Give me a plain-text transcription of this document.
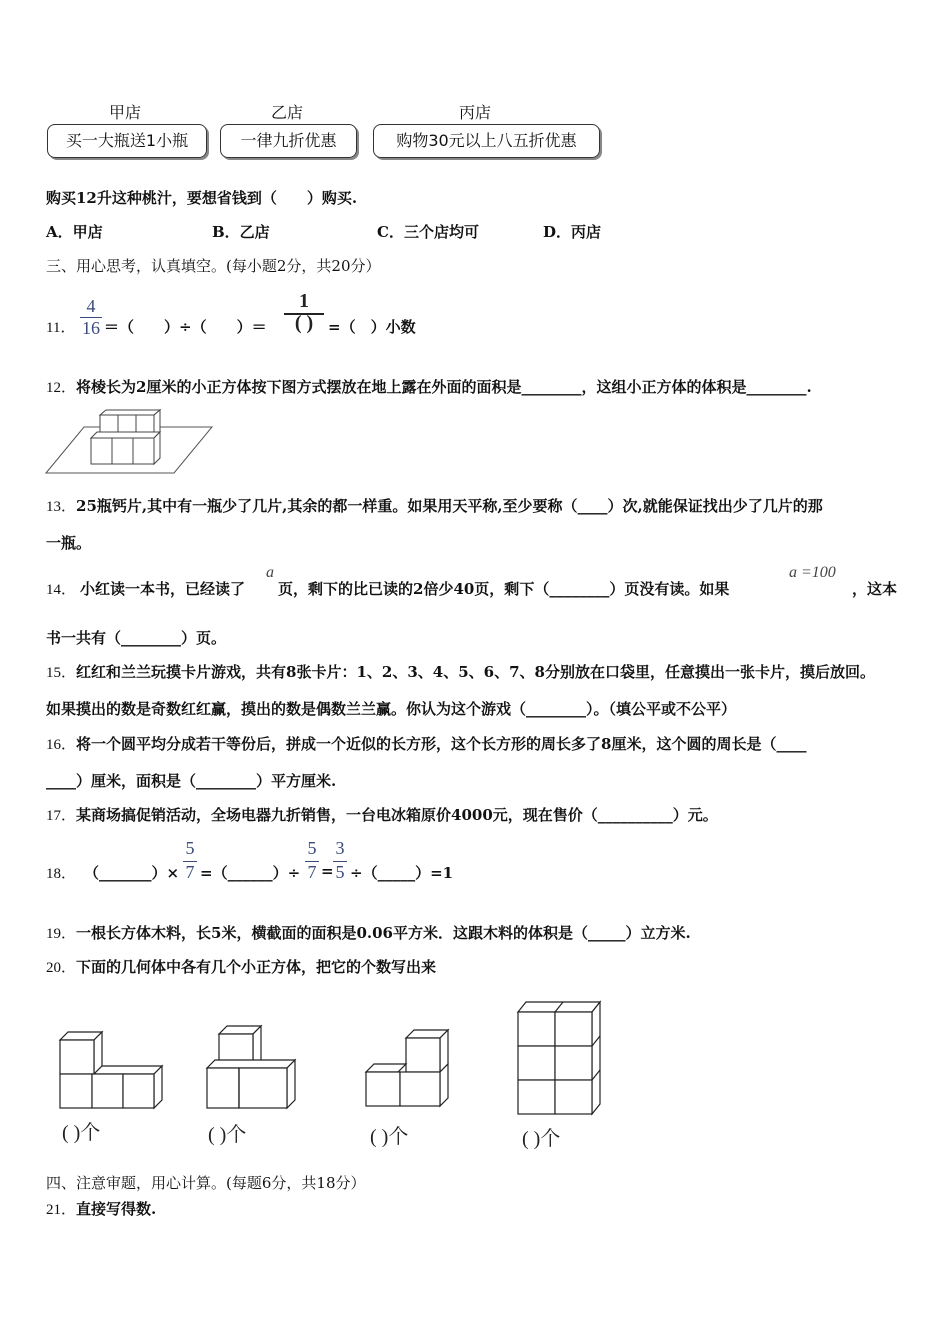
甲店	乙店	丙店
买一大瓶送1小瓶	一律九折优惠	购物30元以上八五折优惠
购买12升这种桃汁，要想省钱到（　　）购买.
A．甲店	B．乙店	C．三个店均可	D．丙店
三、用心思考，认真填空。(每小题2分，共20分）
11．
4
16 ＝（　　）÷（　　）＝
1
( ) =（　）小数
12．将棱长为2厘米的小正方体按下图方式摆放在地上露在外面的面积是________，这组小正方体的体积是________.
13．25瓶钙片,其中有一瓶少了几片,其余的都一样重。如果用天平称,至少要称（____）次,就能保证找出少了几片的那
一瓶。
14． 小红读一本书，已经读了
a
页，剩下的比已读的2倍少40页，剩下（________）页没有读。如果
a =100
，这本
书一共有（________）页。
15．红红和兰兰玩摸卡片游戏，共有8张卡片：1、2、3、4、5、6、7、8分别放在口袋里，任意摸出一张卡片，摸后放回。
如果摸出的数是奇数红红赢，摸出的数是偶数兰兰赢。你认为这个游戏（________）。（填公平或不公平）
16．将一个圆平均分成若干等份后，拼成一个近似的长方形，这个长方形的周长多了8厘米，这个圆的周长是（____
____）厘米，面积是（________）平方厘米.
17．某商场搞促销活动，全场电器九折销售，一台电冰箱原价4000元，现在售价（__________）元。
18． （_______）×
5
7 =（______）÷
5
7 =
3
5 ÷（_____）=1
19．一根长方体木料，长5米，横截面的面积是0.06平方米．这跟木料的体积是（_____）立方米.
20．下面的几何体中各有几个小正方体，把它的个数写出来
( )个	( )个	( )个	( )个
四、注意审题，用心计算。(每题6分，共18分）
21．直接写得数.
